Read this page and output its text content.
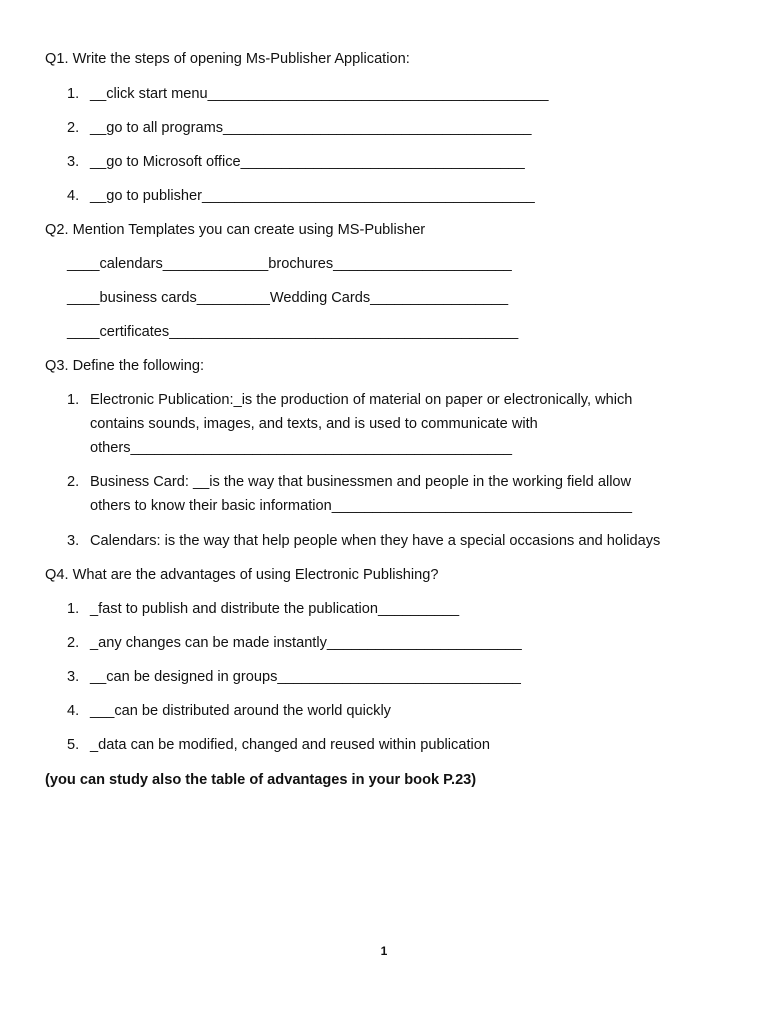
Q1. Write the steps of opening Ms-Publisher Application:
1. __click start menu__________________________________________
2. __go to all programs______________________________________
3. __go to Microsoft office___________________________________
4. __go to publisher_________________________________________
Q2. Mention Templates you can create using MS-Publisher
____calendars_____________brochures______________________
____business cards_________Wedding Cards_________________
____certificates___________________________________________
Q3. Define the following:
1. Electronic Publication:_is the production of material on paper or electronically, which
contains sounds, images, and texts, and is used to communicate with
others_______________________________________________
2. Business Card: __is the way that businessmen and people in the working field allow
others to know their basic information_____________________________________
3. Calendars: is the way that help people when they have a special occasions and holidays
Q4. What are the advantages of using Electronic Publishing?
1. _fast to publish and distribute the publication__________
2. _any changes can be made instantly________________________
3. __can be designed in groups______________________________
4. ___can be distributed around the world quickly
5. _data can be modified, changed and reused within publication
(you can study also the table of advantages in your book P.23)
1
